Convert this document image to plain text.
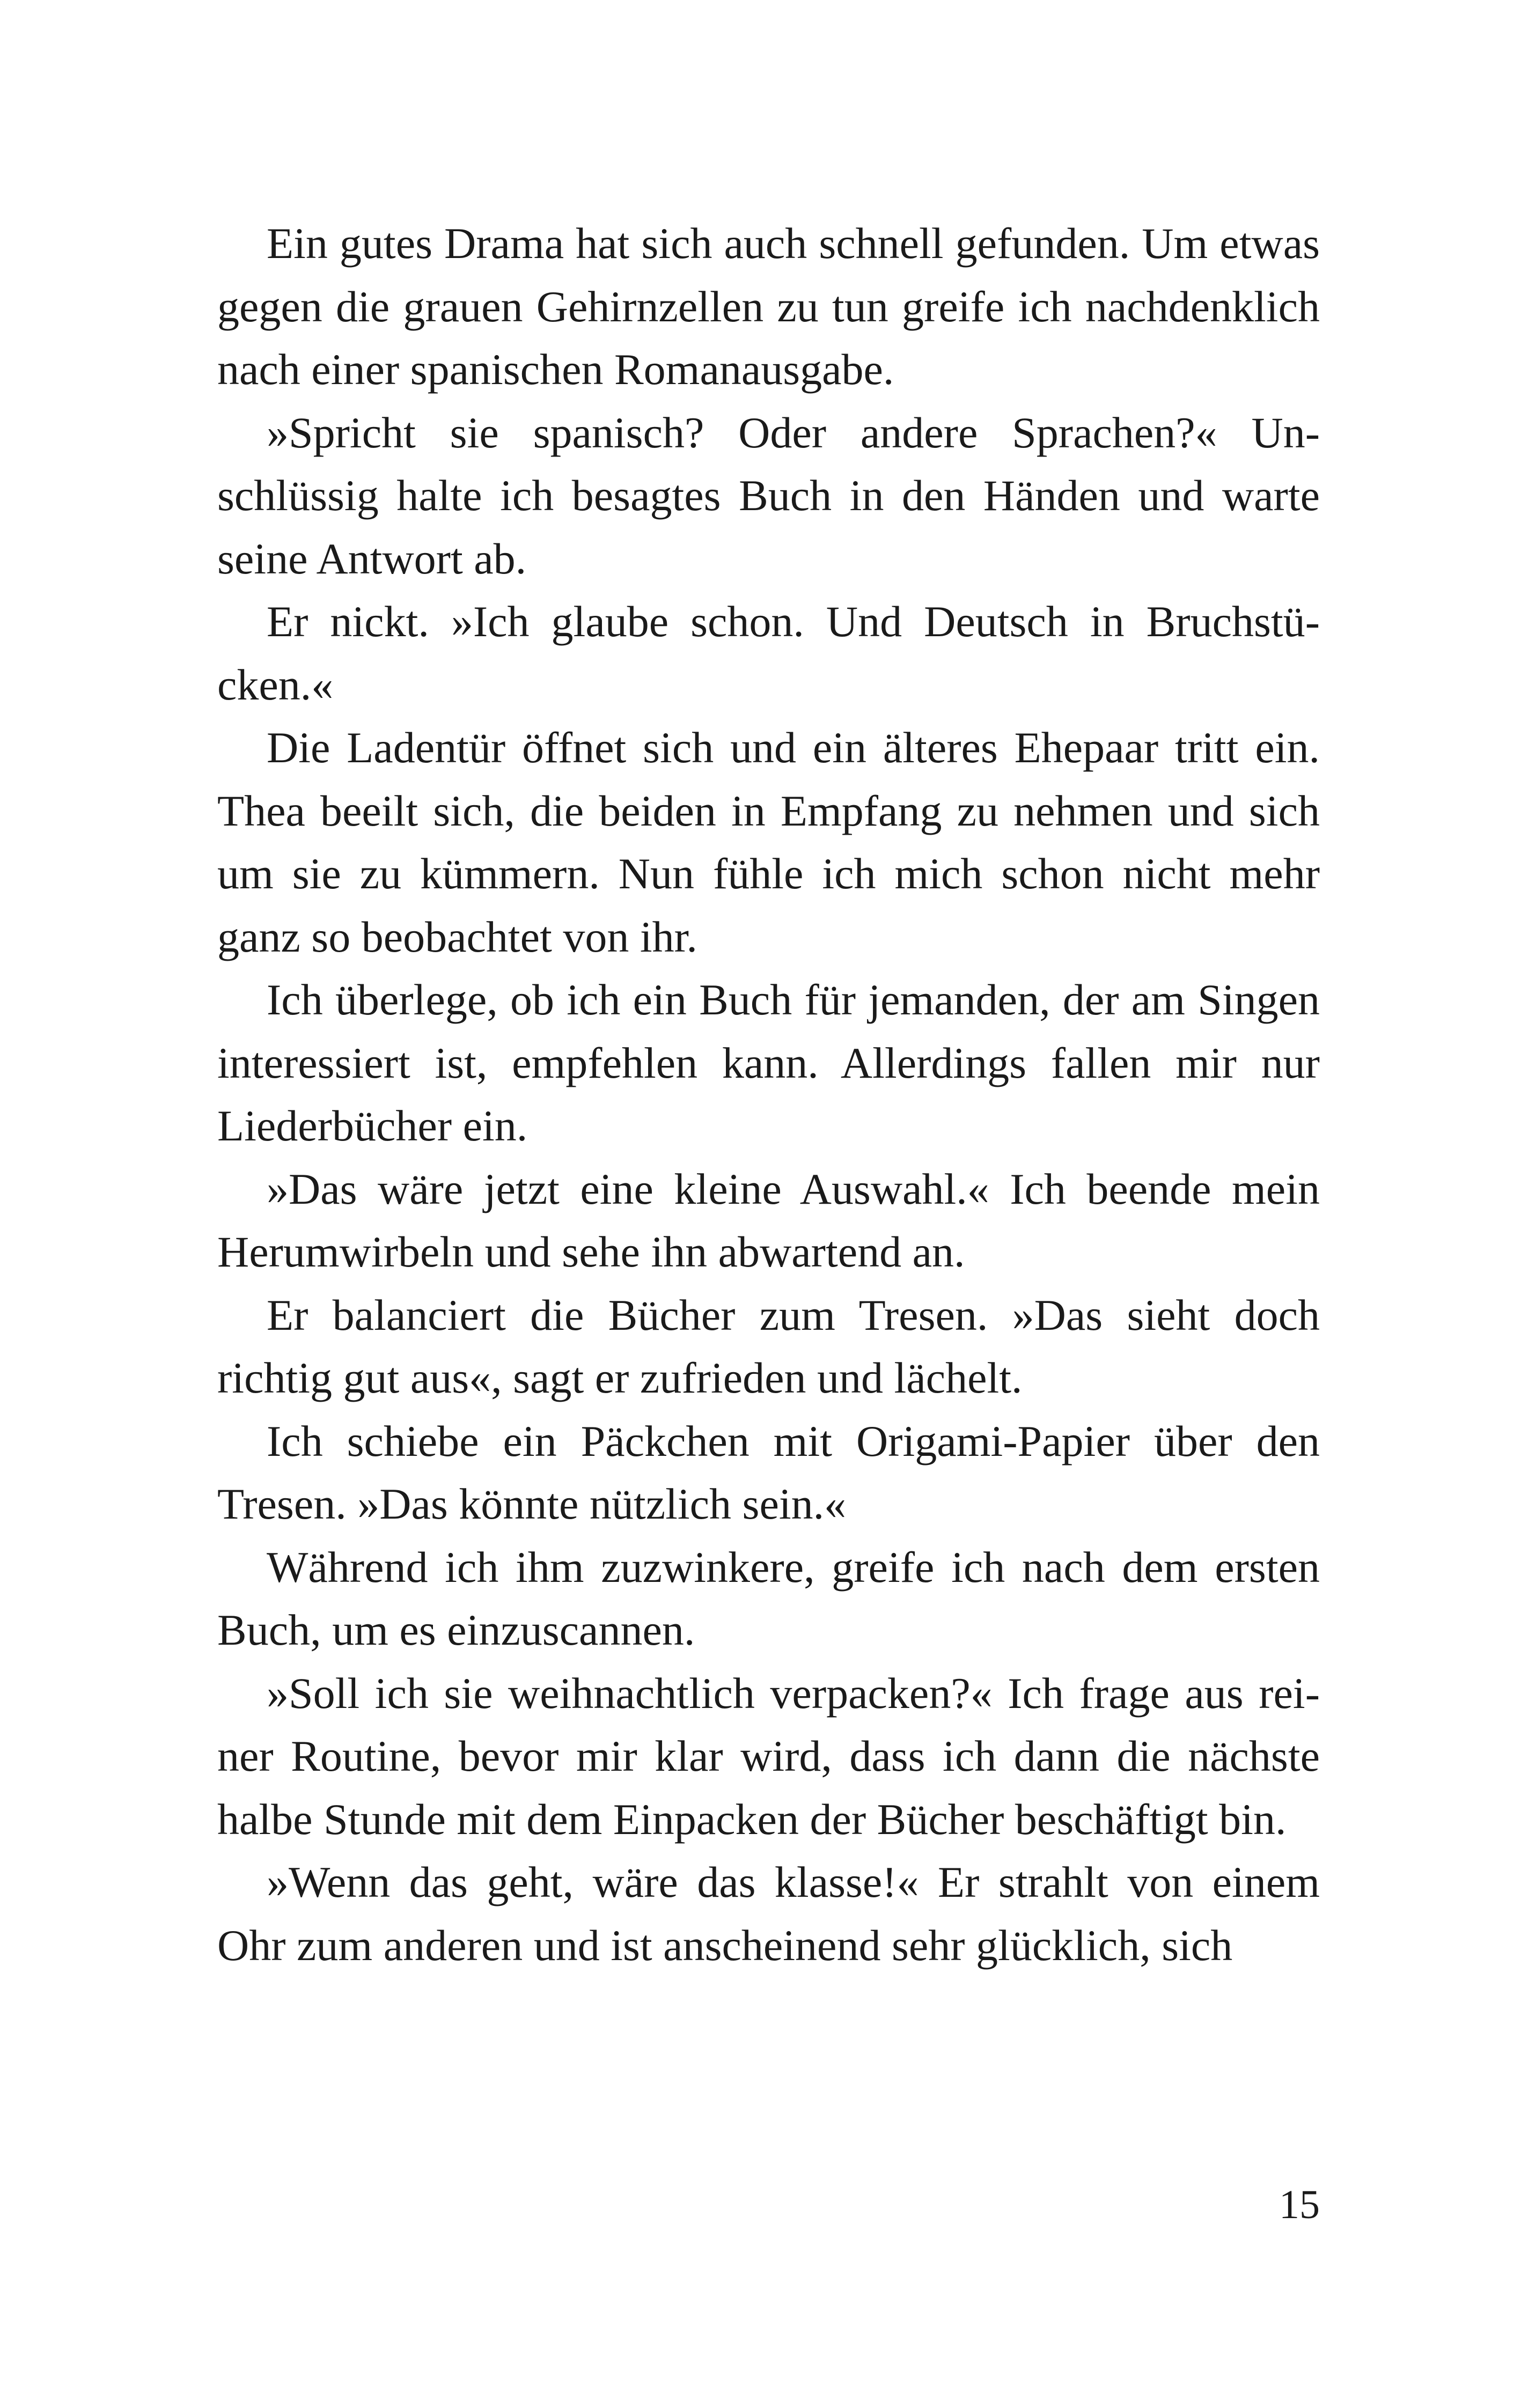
Ein gutes Drama hat sich auch schnell gefunden. Um etwas gegen die grauen Gehirnzellen zu tun greife ich nachdenklich nach einer spanischen Romanausgabe.

»Spricht sie spanisch? Oder andere Sprachen?« Unschlüssig halte ich besagtes Buch in den Händen und warte seine Antwort ab.

Er nickt. »Ich glaube schon. Und Deutsch in Bruchstücken.«

Die Ladentür öffnet sich und ein älteres Ehepaar tritt ein. Thea beeilt sich, die beiden in Empfang zu nehmen und sich um sie zu kümmern. Nun fühle ich mich schon nicht mehr ganz so beobachtet von ihr.

Ich überlege, ob ich ein Buch für jemanden, der am Singen interessiert ist, empfehlen kann. Allerdings fallen mir nur Liederbücher ein.

»Das wäre jetzt eine kleine Auswahl.« Ich beende mein Herumwirbeln und sehe ihn abwartend an.

Er balanciert die Bücher zum Tresen. »Das sieht doch richtig gut aus«, sagt er zufrieden und lächelt.

Ich schiebe ein Päckchen mit Origami-Papier über den Tresen. »Das könnte nützlich sein.«

Während ich ihm zuzwinkere, greife ich nach dem ersten Buch, um es einzuscannen.

»Soll ich sie weihnachtlich verpacken?« Ich frage aus reiner Routine, bevor mir klar wird, dass ich dann die nächste halbe Stunde mit dem Einpacken der Bücher beschäftigt bin.

»Wenn das geht, wäre das klasse!« Er strahlt von einem Ohr zum anderen und ist anscheinend sehr glücklich, sich

15
